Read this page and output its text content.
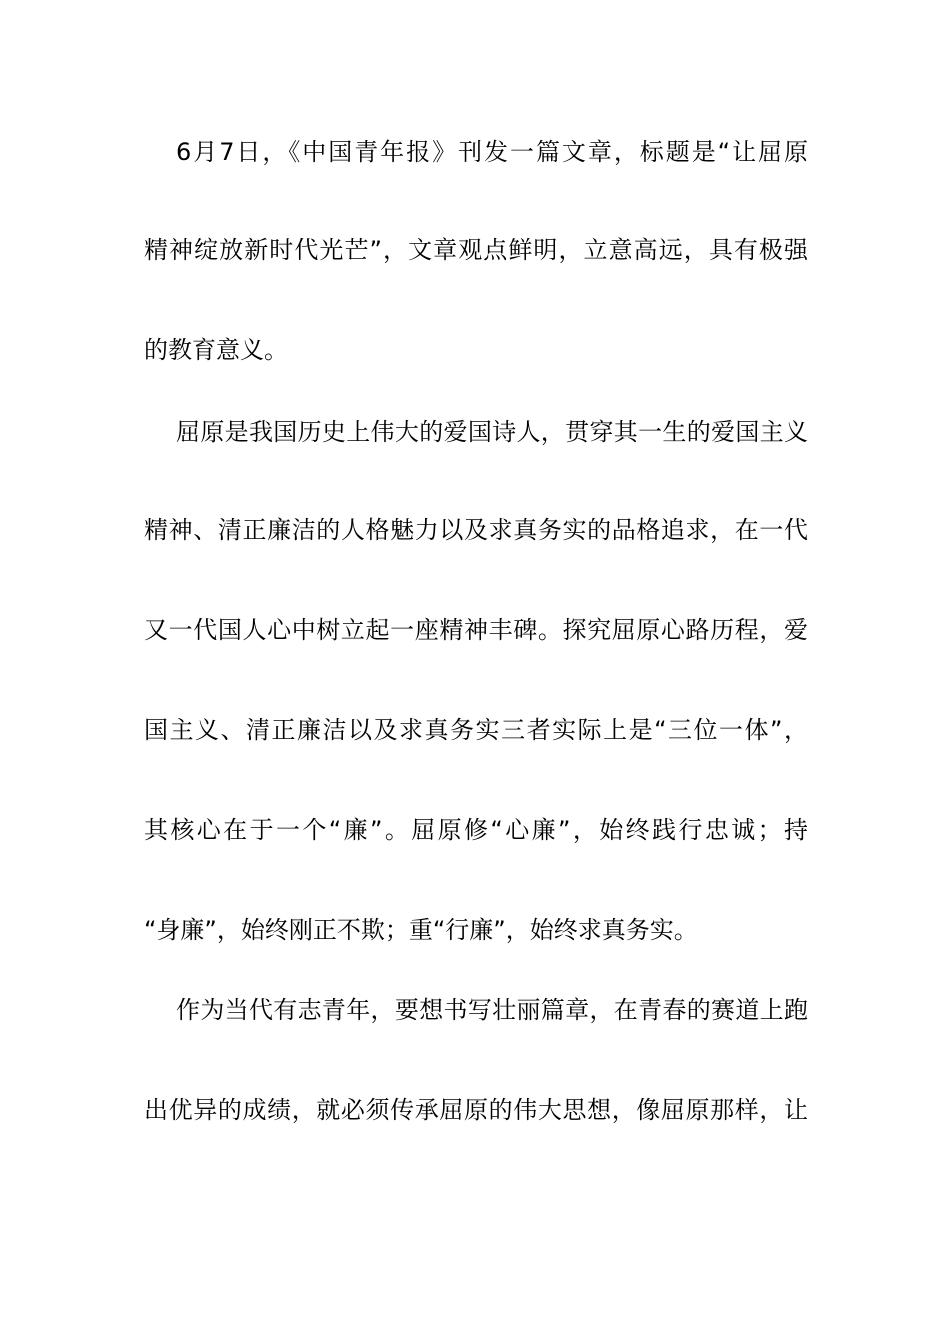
6月7日，《中国青年报》刊发一篇文章，标题是“让屈原
精神绽放新时代光芒”，文章观点鲜明，立意高远，具有极强
的教育意义。
屈原是我国历史上伟大的爱国诗人，贯穿其一生的爱国主义
精神、清正廉洁的人格魅力以及求真务实的品格追求，在一代
又一代国人心中树立起一座精神丰碑。探究屈原心路历程，爱
国主义、清正廉洁以及求真务实三者实际上是“三位一体”，
其核心在于一个“廉”。屈原修“心廉”，始终践行忠诚；持
“身廉”，始终刚正不欺；重“行廉”，始终求真务实。
作为当代有志青年，要想书写壮丽篇章，在青春的赛道上跑
出优异的成绩，就必须传承屈原的伟大思想，像屈原那样，让
